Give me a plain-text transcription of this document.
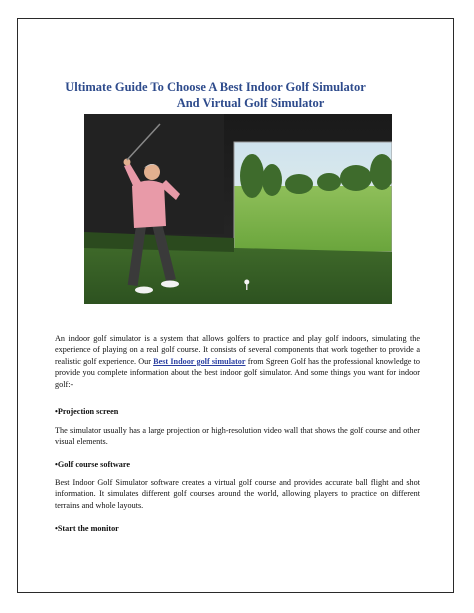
Ultimate Guide To Choose A Best Indoor Golf Simulator
And Virtual Golf Simulator
An indoor golf simulator is a system that allows golfers to practice and play golf indoors, simulating the experience of playing on a real golf course. It consists of several components that work together to provide a realistic golf experience. Our Best Indoor golf simulator from Sgreen Golf has the professional knowledge to provide you complete information about the best indoor golf simulator. And some things you want for indoor golf:-
•Projection screen
The simulator usually has a large projection or high-resolution video wall that shows the golf course and other visual elements.
•Golf course software
Best Indoor Golf Simulator software creates a virtual golf course and provides accurate ball flight and shot information. It simulates different golf courses around the world, allowing players to practice on different terrains and whole layouts.
•Start the monitor
